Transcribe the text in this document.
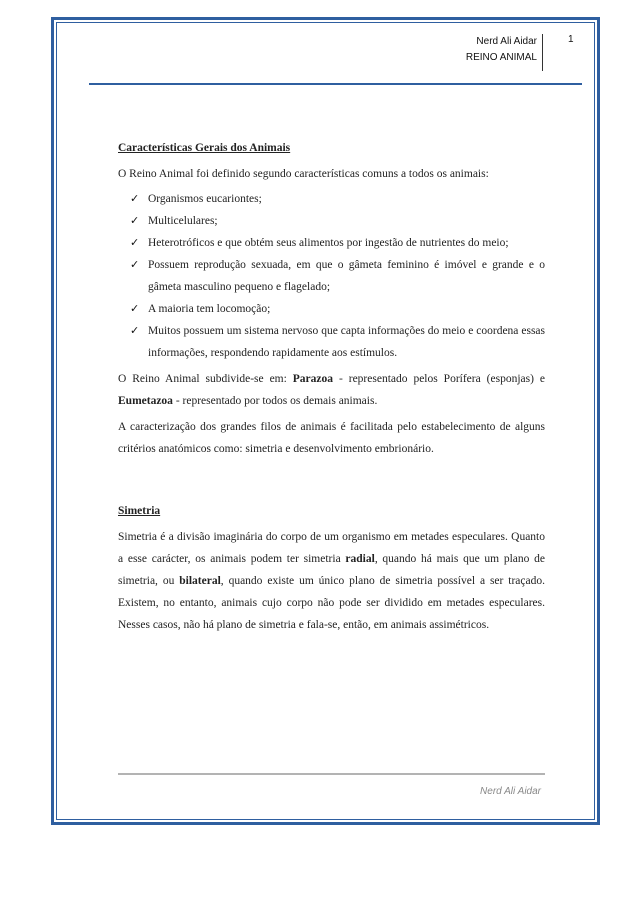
Nerd Ali Aidar
REINO ANIMAL
1

Características Gerais dos Animais

O Reino Animal foi definido segundo características comuns a todos os animais:

✓ Organismos eucariontes;
✓ Multicelulares;
✓ Heterotróficos e que obtém seus alimentos por ingestão de nutrientes do meio;
✓ Possuem reprodução sexuada, em que o gâmeta feminino é imóvel e grande e o gâmeta masculino pequeno e flagelado;
✓ A maioria tem locomoção;
✓ Muitos possuem um sistema nervoso que capta informações do meio e coordena essas informações, respondendo rapidamente aos estímulos.

O Reino Animal subdivide-se em: Parazoa - representado pelos Porífera (esponjas) e Eumetazoa - representado por todos os demais animais.

A caracterização dos grandes filos de animais é facilitada pelo estabelecimento de alguns critérios anatómicos como: simetria e desenvolvimento embrionário.

Simetria

Simetria é a divisão imaginária do corpo de um organismo em metades especulares. Quanto a esse carácter, os animais podem ter simetria radial, quando há mais que um plano de simetria, ou bilateral, quando existe um único plano de simetria possível a ser traçado. Existem, no entanto, animais cujo corpo não pode ser dividido em metades especulares. Nesses casos, não há plano de simetria e fala-se, então, em animais assimétricos.

Nerd Ali Aidar
